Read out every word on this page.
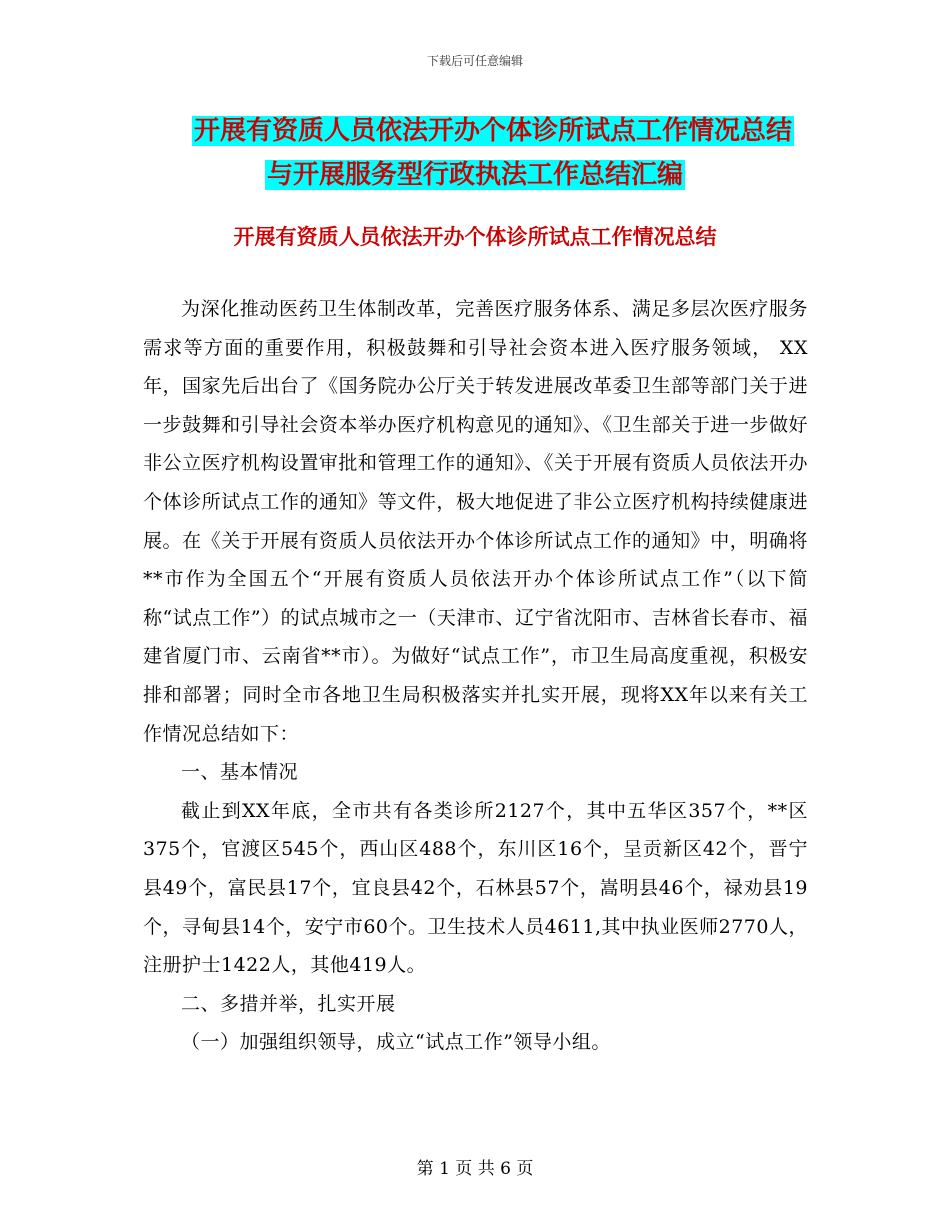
下载后可任意编辑
开展有资质人员依法开办个体诊所试点工作情况总结
与开展服务型行政执法工作总结汇编
开展有资质人员依法开办个体诊所试点工作情况总结

为深化推动医药卫生体制改革，完善医疗服务体系、满足多层次医疗服务需求等方面的重要作用，积极鼓舞和引导社会资本进入医疗服务领域， XX年，国家先后出台了《国务院办公厅关于转发进展改革委卫生部等部门关于进一步鼓舞和引导社会资本举办医疗机构意见的通知》、《卫生部关于进一步做好非公立医疗机构设置审批和管理工作的通知》、《关于开展有资质人员依法开办个体诊所试点工作的通知》等文件，极大地促进了非公立医疗机构持续健康进展。在《关于开展有资质人员依法开办个体诊所试点工作的通知》中，明确将**市作为全国五个“开展有资质人员依法开办个体诊所试点工作”（以下简称“试点工作”）的试点城市之一（天津市、辽宁省沈阳市、吉林省长春市、福建省厦门市、云南省**市）。为做好“试点工作”，市卫生局高度重视，积极安排和部署；同时全市各地卫生局积极落实并扎实开展，现将XX年以来有关工作情况总结如下：

一、基本情况

截止到XX年底，全市共有各类诊所2127个，其中五华区357个，**区375个，官渡区545个，西山区488个，东川区16个，呈贡新区42个，晋宁县49个，富民县17个，宜良县42个，石林县57个，嵩明县46个，禄劝县19个，寻甸县14个，安宁市60个。卫生技术人员4611,其中执业医师2770人，注册护士1422人，其他419人。

二、多措并举，扎实开展

（一）加强组织领导，成立“试点工作”领导小组。

第 1 页 共 6 页
